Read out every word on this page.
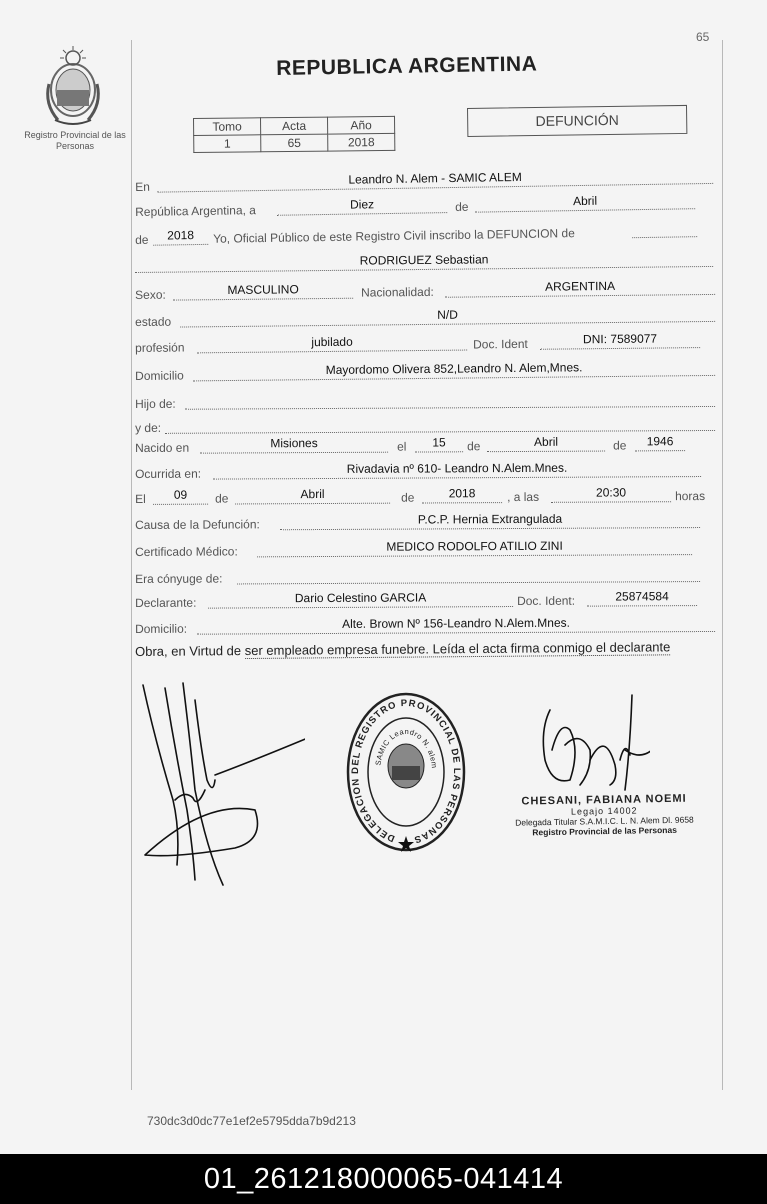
65
Registro Provincial de las Personas
REPUBLICA ARGENTINA
Tomo	Acta	Año
1	65	2018
DEFUNCIÓN
En
Leandro N. Alem - SAMIC ALEM
República Argentina, a	Diez	de	Abril
de	2018	Yo, Oficial Público de este Registro Civil inscribo la DEFUNCION de
RODRIGUEZ Sebastian
Sexo:	MASCULINO	Nacionalidad:	ARGENTINA
estado	N/D
profesión	jubilado	Doc. Ident	DNI: 7589077
Domicilio	Mayordomo Olivera 852,Leandro N. Alem,Mnes.
Hijo de:
y de:
Nacido en	Misiones	el	15	de	Abril	de	1946
Ocurrida en:	Rivadavia nº 610- Leandro N.Alem.Mnes.
El	09	de	Abril	de	2018	, a las	20:30	horas
Causa de la Defunción:	P.C.P. Hernia Extrangulada
Certificado Médico:	MEDICO RODOLFO ATILIO ZINI
Era cónyuge de:
Declarante:	Dario Celestino GARCIA	Doc. Ident:	25874584
Domicilio:	Alte. Brown Nº 156-Leandro N.Alem.Mnes.
Obra, en Virtud de ser empleado empresa funebre. Leída el acta firma conmigo el declarante
DELEGACION DEL REGISTRO PROVINCIAL DE LAS PERSONAS
SAMIC Leandro N. alem
CHESANI, FABIANA NOEMI
Legajo 14002
Delegada Titular S.A.M.I.C. L. N. Alem Dl. 9658
Registro Provincial de las Personas
730dc3d0dc77e1ef2e5795dda7b9d213
01_261218000065-041414
